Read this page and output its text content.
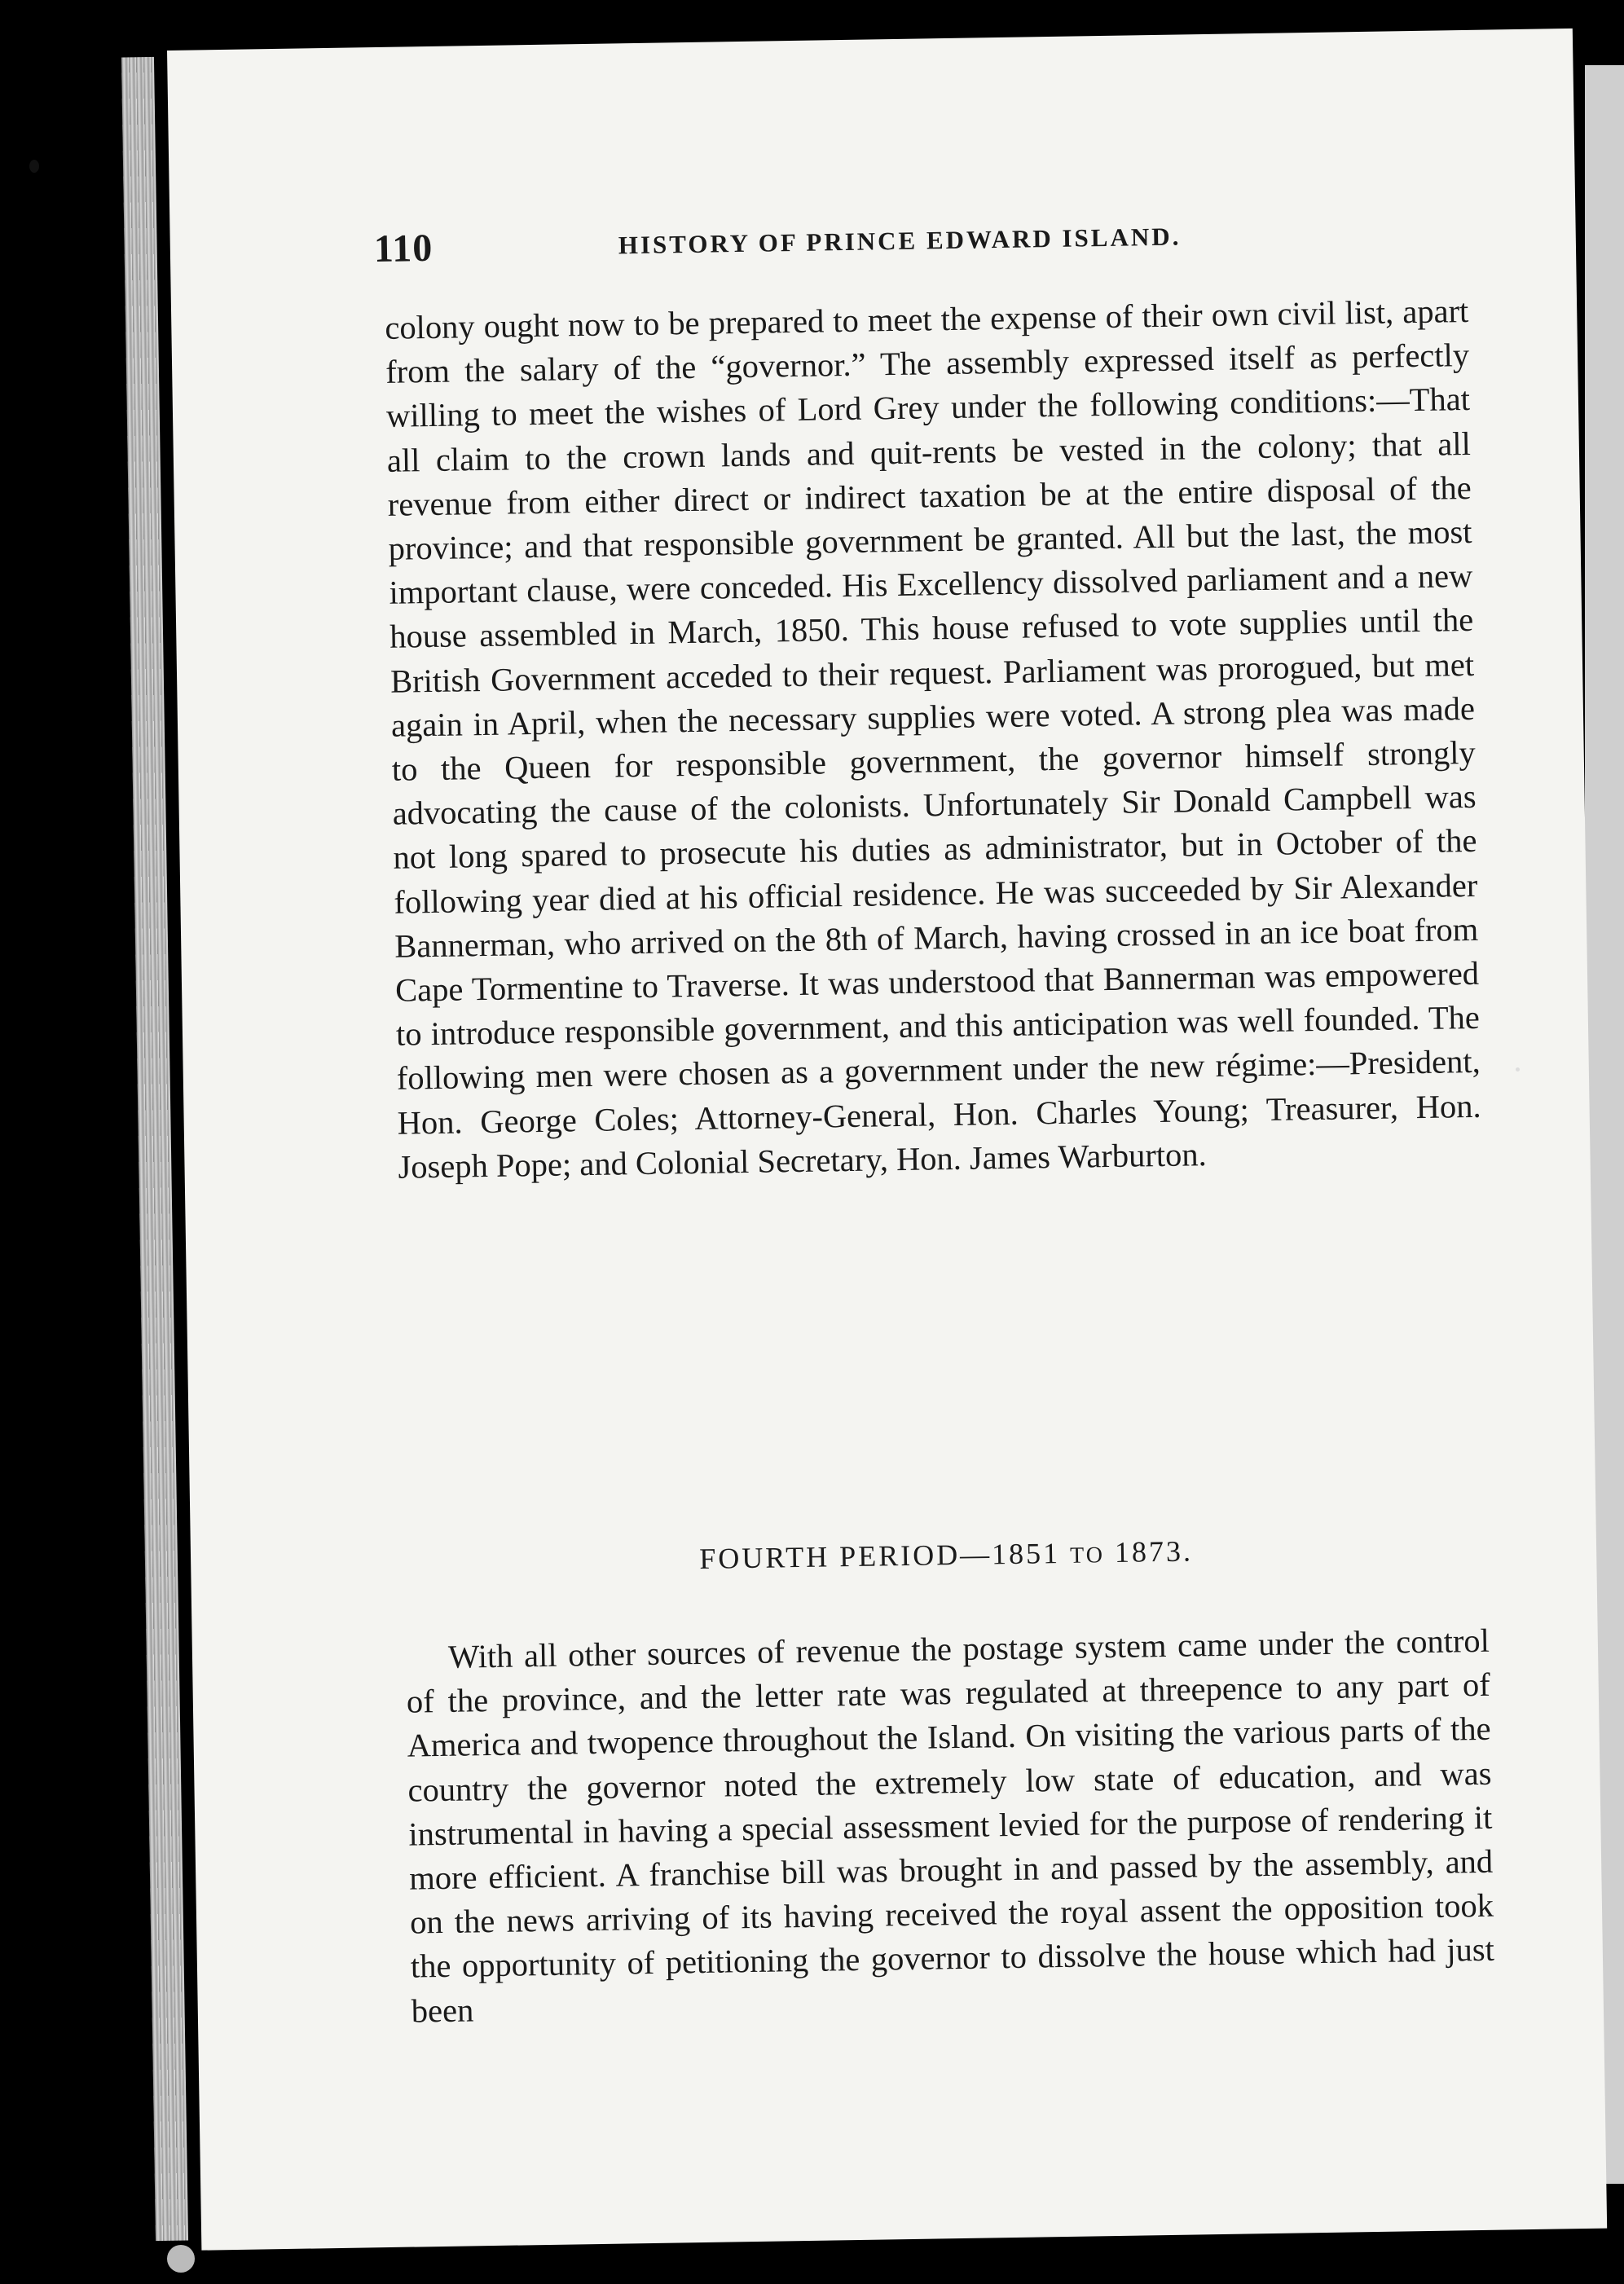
110	HISTORY OF PRINCE EDWARD ISLAND.

colony ought now to be prepared to meet the expense of their own civil list, apart from the salary of the “governor.” The assembly expressed itself as perfectly willing to meet the wishes of Lord Grey under the following conditions:—That all claim to the crown lands and quit-rents be vested in the colony; that all revenue from either direct or indirect taxation be at the entire disposal of the province; and that responsible government be granted. All but the last, the most important clause, were conceded. His Excellency dissolved parliament and a new house assembled in March, 1850. This house refused to vote supplies until the British Government acceded to their request. Parliament was prorogued, but met again in April, when the necessary supplies were voted. A strong plea was made to the Queen for responsible government, the governor himself strongly advocating the cause of the colonists. Unfortunately Sir Donald Campbell was not long spared to prosecute his duties as administrator, but in October of the following year died at his official residence. He was succeeded by Sir Alexander Bannerman, who arrived on the 8th of March, having crossed in an ice boat from Cape Tormentine to Traverse. It was understood that Bannerman was empowered to introduce responsible government, and this anticipation was well founded. The following men were chosen as a government under the new régime:—President, Hon. George Coles; Attorney-General, Hon. Charles Young; Treasurer, Hon. Joseph Pope; and Colonial Secretary, Hon. James Warburton.

FOURTH PERIOD—1851 TO 1873.

With all other sources of revenue the postage system came under the control of the province, and the letter rate was regulated at threepence to any part of America and twopence throughout the Island. On visiting the various parts of the country the governor noted the extremely low state of education, and was instrumental in having a special assessment levied for the purpose of rendering it more efficient. A franchise bill was brought in and passed by the assembly, and on the news arriving of its having received the royal assent the opposition took the opportunity of petitioning the governor to dissolve the house which had just been
